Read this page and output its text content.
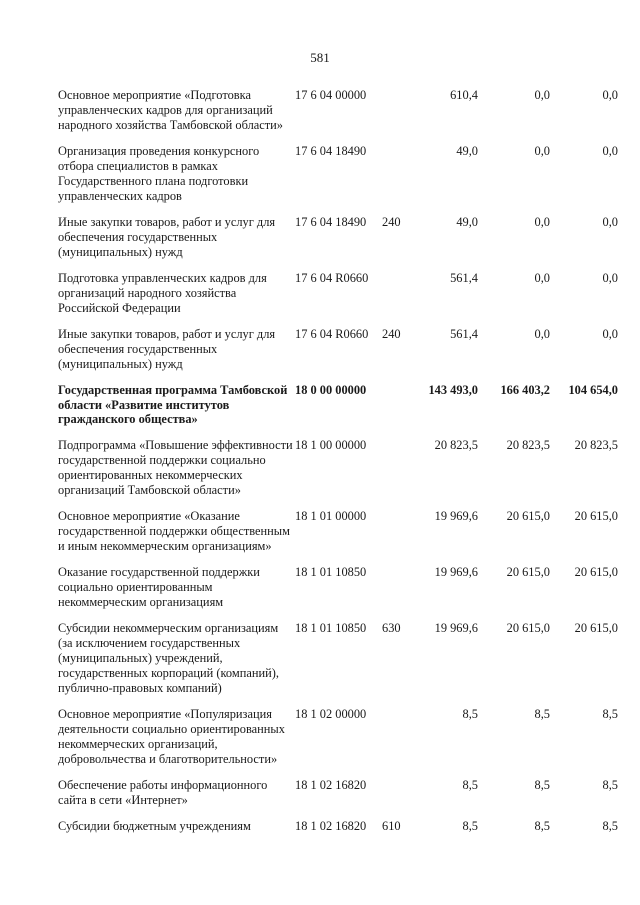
581
Основное мероприятие «Подготовка управленческих кадров для организаций народного хозяйства Тамбовской области»	17 6 04 00000		610,4	0,0	0,0
Организация проведения конкурсного отбора специалистов в рамках Государственного плана подготовки управленческих кадров	17 6 04 18490		49,0	0,0	0,0
Иные закупки товаров, работ и услуг для обеспечения государственных (муниципальных) нужд	17 6 04 18490	240	49,0	0,0	0,0
Подготовка управленческих кадров для организаций народного хозяйства Российской Федерации	17 6 04 R0660		561,4	0,0	0,0
Иные закупки товаров, работ и услуг для обеспечения государственных (муниципальных) нужд	17 6 04 R0660	240	561,4	0,0	0,0
Государственная программа Тамбовской области «Развитие институтов гражданского общества»	18 0 00 00000		143 493,0	166 403,2	104 654,0
Подпрограмма «Повышение эффективности государственной поддержки социально ориентированных некоммерческих организаций Тамбовской области»	18 1 00 00000		20 823,5	20 823,5	20 823,5
Основное мероприятие «Оказание государственной поддержки общественным и иным некоммерческим организациям»	18 1 01 00000		19 969,6	20 615,0	20 615,0
Оказание государственной поддержки социально ориентированным некоммерческим организациям	18 1 01 10850		19 969,6	20 615,0	20 615,0
Субсидии некоммерческим организациям (за исключением государственных (муниципальных) учреждений, государственных корпораций (компаний), публично-правовых компаний)	18 1 01 10850	630	19 969,6	20 615,0	20 615,0
Основное мероприятие «Популяризация деятельности социально ориентированных некоммерческих организаций, добровольчества и благотворительности»	18 1 02 00000		8,5	8,5	8,5
Обеспечение работы информационного сайта в сети «Интернет»	18 1 02 16820		8,5	8,5	8,5
Субсидии бюджетным учреждениям	18 1 02 16820	610	8,5	8,5	8,5
